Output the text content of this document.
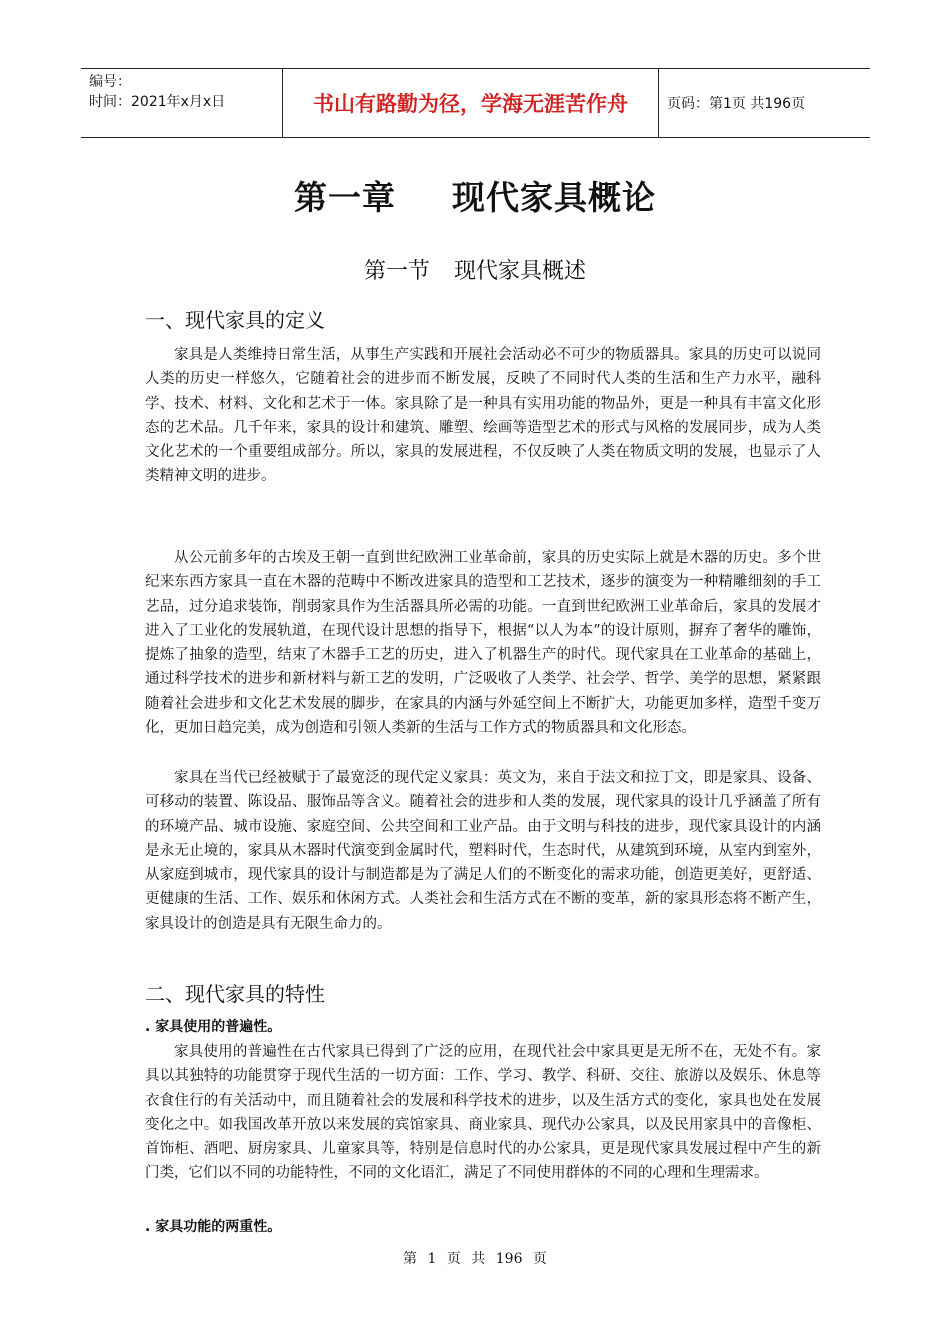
编号：
时间：2021年x月x日	书山有路勤为径，学海无涯苦作舟	页码：第1页 共196页
第一章 现代家具概论
第一节 现代家具概述

一、现代家具的定义

家具是人类维持日常生活，从事生产实践和开展社会活动必不可少的物质器具。家具的历史可以说同人类的历史一样悠久，它随着社会的进步而不断发展，反映了不同时代人类的生活和生产力水平，融科学、技术、材料、文化和艺术于一体。家具除了是一种具有实用功能的物品外，更是一种具有丰富文化形态的艺术品。几千年来，家具的设计和建筑、雕塑、绘画等造型艺术的形式与风格的发展同步，成为人类文化艺术的一个重要组成部分。所以，家具的发展进程，不仅反映了人类在物质文明的发展，也显示了人类精神文明的进步。

从公元前多年的古埃及王朝一直到世纪欧洲工业革命前，家具的历史实际上就是木器的历史。多个世纪来东西方家具一直在木器的范畴中不断改进家具的造型和工艺技术，逐步的演变为一种精雕细刻的手工艺品，过分追求装饰，削弱家具作为生活器具所必需的功能。一直到世纪欧洲工业革命后，家具的发展才进入了工业化的发展轨道，在现代设计思想的指导下，根据“以人为本”的设计原则，摒弃了奢华的雕饰，提炼了抽象的造型，结束了木器手工艺的历史，进入了机器生产的时代。现代家具在工业革命的基础上，通过科学技术的进步和新材料与新工艺的发明，广泛吸收了人类学、社会学、哲学、美学的思想，紧紧跟随着社会进步和文化艺术发展的脚步，在家具的内涵与外延空间上不断扩大，功能更加多样，造型千变万化，更加日趋完美，成为创造和引领人类新的生活与工作方式的物质器具和文化形态。

家具在当代已经被赋于了最宽泛的现代定义家具：英文为，来自于法文和拉丁文，即是家具、设备、可移动的装置、陈设品、服饰品等含义。随着社会的进步和人类的发展，现代家具的设计几乎涵盖了所有的环境产品、城市设施、家庭空间、公共空间和工业产品。由于文明与科技的进步，现代家具设计的内涵是永无止境的，家具从木器时代演变到金属时代，塑料时代，生态时代，从建筑到环境，从室内到室外，从家庭到城市，现代家具的设计与制造都是为了满足人们的不断变化的需求功能，创造更美好，更舒适、更健康的生活、工作、娱乐和休闲方式。人类社会和生活方式在不断的变革，新的家具形态将不断产生，家具设计的创造是具有无限生命力的。

二、现代家具的特性

. 家具使用的普遍性。

家具使用的普遍性在古代家具已得到了广泛的应用，在现代社会中家具更是无所不在，无处不有。家具以其独特的功能贯穿于现代生活的一切方面：工作、学习、教学、科研、交往、旅游以及娱乐、休息等衣食住行的有关活动中，而且随着社会的发展和科学技术的进步，以及生活方式的变化，家具也处在发展变化之中。如我国改革开放以来发展的宾馆家具、商业家具、现代办公家具，以及民用家具中的音像柜、首饰柜、酒吧、厨房家具、儿童家具等，特别是信息时代的办公家具，更是现代家具发展过程中产生的新门类，它们以不同的功能特性，不同的文化语汇，满足了不同使用群体的不同的心理和生理需求。

. 家具功能的两重性。

第 1 页 共 196 页
